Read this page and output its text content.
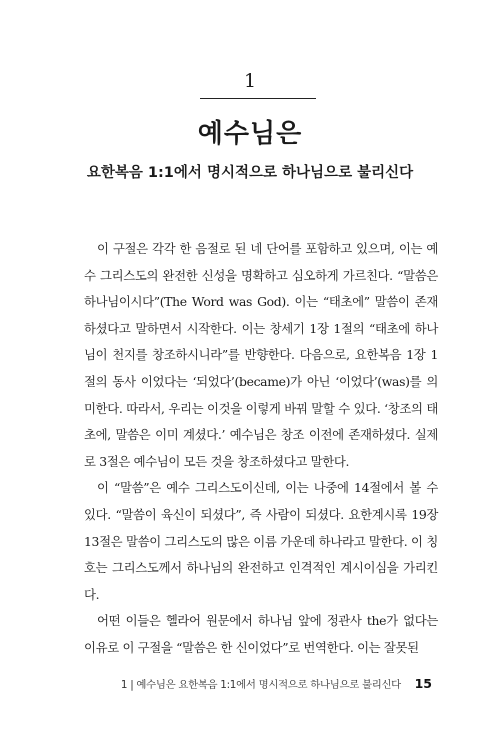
1
예수님은
요한복음 1:1에서 명시적으로 하나님으로 불리신다

이 구절은 각각 한 음절로 된 네 단어를 포함하고 있으며, 이는 예수 그리스도의 완전한 신성을 명확하고 심오하게 가르친다. “말씀은 하나님이시다”(The Word was God). 이는 “태초에” 말씀이 존재하셨다고 말하면서 시작한다. 이는 창세기 1장 1절의 “태초에 하나님이 천지를 창조하시니라”를 반향한다. 다음으로, 요한복음 1장 1절의 동사 이었다는 ‘되었다’(became)가 아닌 ‘이었다’(was)를 의미한다. 따라서, 우리는 이것을 이렇게 바꿔 말할 수 있다. ‘창조의 태초에, 말씀은 이미 계셨다.’ 예수님은 창조 이전에 존재하셨다. 실제로 3절은 예수님이 모든 것을 창조하셨다고 말한다.

이 “말씀”은 예수 그리스도이신데, 이는 나중에 14절에서 볼 수 있다. “말씀이 육신이 되셨다”, 즉 사람이 되셨다. 요한계시록 19장 13절은 말씀이 그리스도의 많은 이름 가운데 하나라고 말한다. 이 칭호는 그리스도께서 하나님의 완전하고 인격적인 계시이심을 가리킨다.

어떤 이들은 헬라어 원문에서 하나님 앞에 정관사 the가 없다는 이유로 이 구절을 “말씀은 한 신이었다”로 번역한다. 이는 잘못된

1 | 예수님은 요한복음 1:1에서 명시적으로 하나님으로 불리신다 15
